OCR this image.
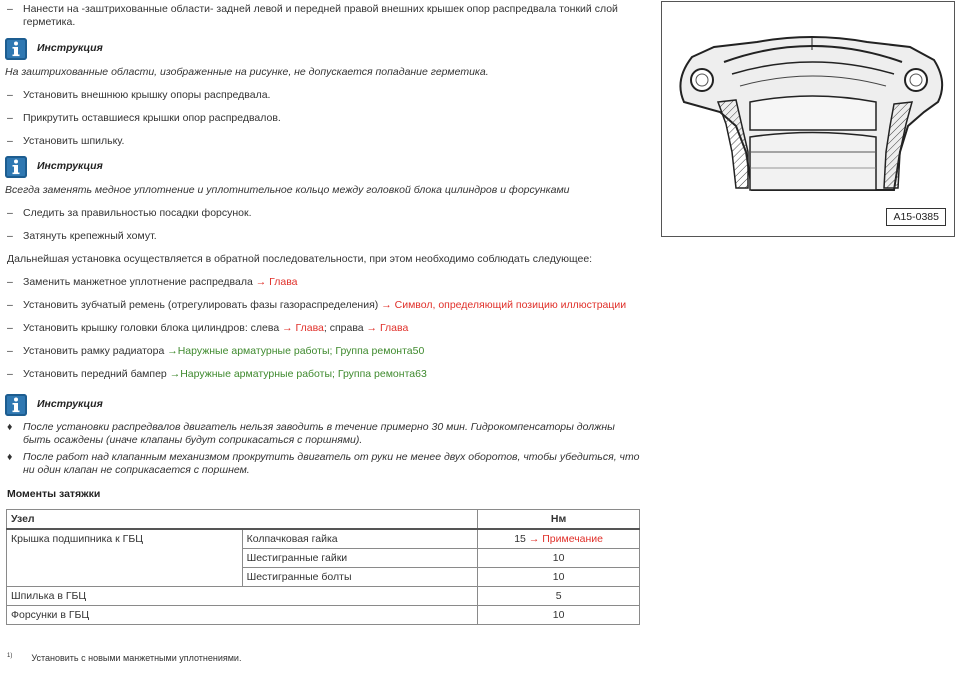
– Нанести на -заштрихованные области- задней левой и передней правой внешних крышек опор распредвала тонкий слой
герметика.
Инструкция
На заштрихованные области, изображенные на рисунке, не допускается попадание герметика.
– Установить внешнюю крышку опоры распредвала.
– Прикрутить оставшиеся крышки опор распредвалов.
– Установить шпильку.
Инструкция
Всегда заменять медное уплотнение и уплотнительное кольцо между головкой блока цилиндров и форсунками
– Следить за правильностью посадки форсунок.
– Затянуть крепежный хомут.
Дальнейшая установка осуществляется в обратной последовательности, при этом необходимо соблюдать следующее:
– Заменить манжетное уплотнение распредвала → Глава
– Установить зубчатый ремень (отрегулировать фазы газораспределения) → Символ, определяющий позицию иллюстрации
– Установить крышку головки блока цилиндров: слева → Глава; справа → Глава
– Установить рамку радиатора →Наружные арматурные работы; Группа ремонта50
– Установить передний бампер →Наружные арматурные работы; Группа ремонта63
Инструкция
♦ После установки распредвалов двигатель нельзя заводить в течение примерно 30 мин. Гидрокомпенсаторы должны быть осаждены (иначе клапаны будут соприкасаться с поршнями).
♦ После работ над клапанным механизмом прокрутить двигатель от руки не менее двух оборотов, чтобы убедиться, что ни один клапан не соприкасается с поршнем.
Моменты затяжки
Узел		Нм
Крышка подшипника к ГБЦ	Колпачковая гайка	15 → Примечание
	Шестигранные гайки	10
	Шестигранные болты	10
Шпилька в ГБЦ		5
Форсунки в ГБЦ		10
A15-0385
$^{1)}$ Установить с новыми манжетными уплотнениями.
